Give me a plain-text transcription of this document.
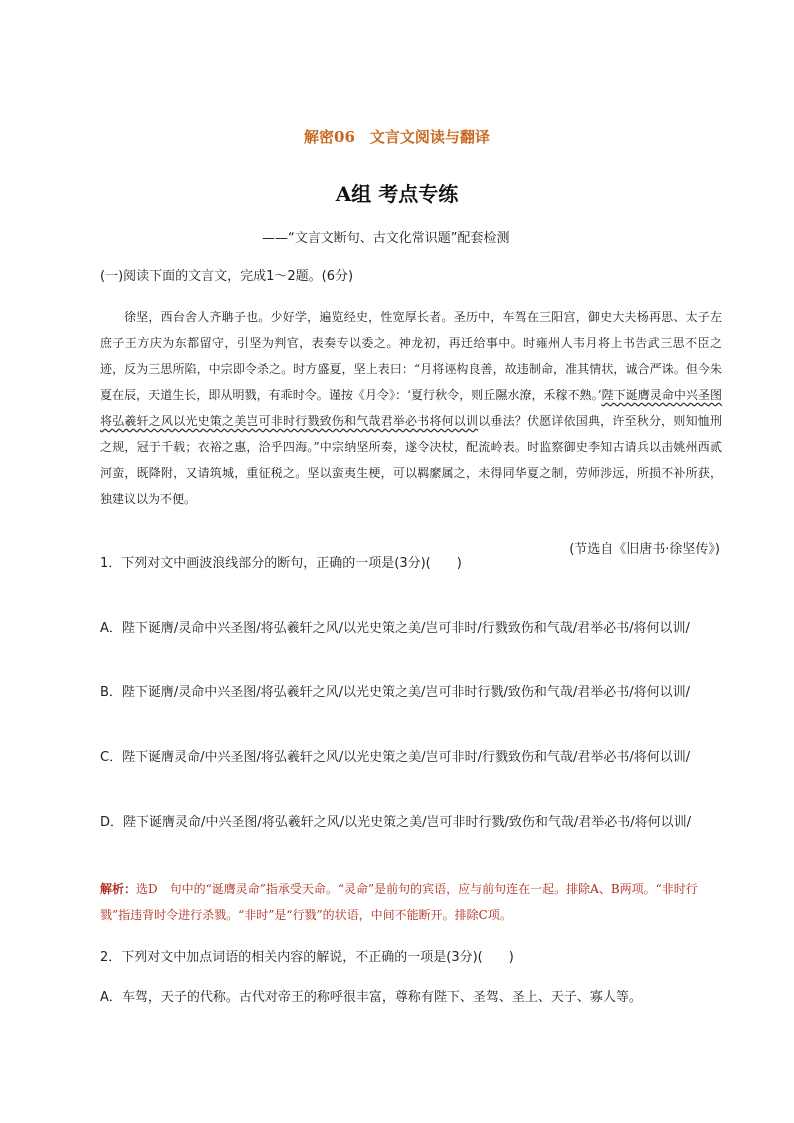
解密06　文言文阅读与翻译
A组 考点专练
——“文言文断句、古文化常识题”配套检测
(一)阅读下面的文言文，完成1～2题。(6分)

徐坚，西台舍人齐聃子也。少好学，遍览经史，性宽厚长者。圣历中，车驾在三阳宫，御史大夫杨再思、太子左庶子王方庆为东都留守，引坚为判官，表奏专以委之。神龙初，再迁给事中。时雍州人韦月将上书告武三思不臣之迹，反为三思所陷，中宗即令杀之。时方盛夏，坚上表曰：“月将诬构良善，故违制命，准其情状，诚合严诛。但今朱夏在辰，天道生长，即从明戮，有乖时令。谨按《月令》：‘夏行秋令，则丘隰水潦，禾稼不熟。’陛下诞膺灵命中兴圣图将弘羲轩之风以光史策之美岂可非时行戮致伤和气哉君举必书将何以训以垂法？伏愿详依国典，许至秋分，则知恤刑之规，冠于千载；衣裕之惠，洽乎四海。”中宗纳坚所奏，遂令决杖，配流岭表。时监察御史李知古请兵以击姚州西贰河蛮，既降附，又请筑城，重征税之。坚以蛮夷生梗，可以羁縻属之，未得同华夏之制，劳师涉远，所损不补所获，独建议以为不便。

(节选自《旧唐书·徐坚传》)
1．下列对文中画波浪线部分的断句，正确的一项是(3分)(　　)
A．陛下诞膺/灵命中兴圣图/将弘羲轩之风/以光史策之美/岂可非时/行戮致伤和气哉/君举必书/将何以训/
B．陛下诞膺/灵命中兴圣图/将弘羲轩之风/以光史策之美/岂可非时行戮/致伤和气哉/君举必书/将何以训/
C．陛下诞膺灵命/中兴圣图/将弘羲轩之风/以光史策之美/岂可非时/行戮致伤和气哉/君举必书/将何以训/
D．陛下诞膺灵命/中兴圣图/将弘羲轩之风/以光史策之美/岂可非时行戮/致伤和气哉/君举必书/将何以训/
解析：选D　句中的“诞膺灵命”指承受天命。“灵命”是前句的宾语，应与前句连在一起。排除A、B两项。“非时行戮”指违背时令进行杀戮。“非时”是“行戮”的状语，中间不能断开。排除C项。
2．下列对文中加点词语的相关内容的解说，不正确的一项是(3分)(　　)
A．车驾，天子的代称。古代对帝王的称呼很丰富，尊称有陛下、圣驾、圣上、天子、寡人等。
